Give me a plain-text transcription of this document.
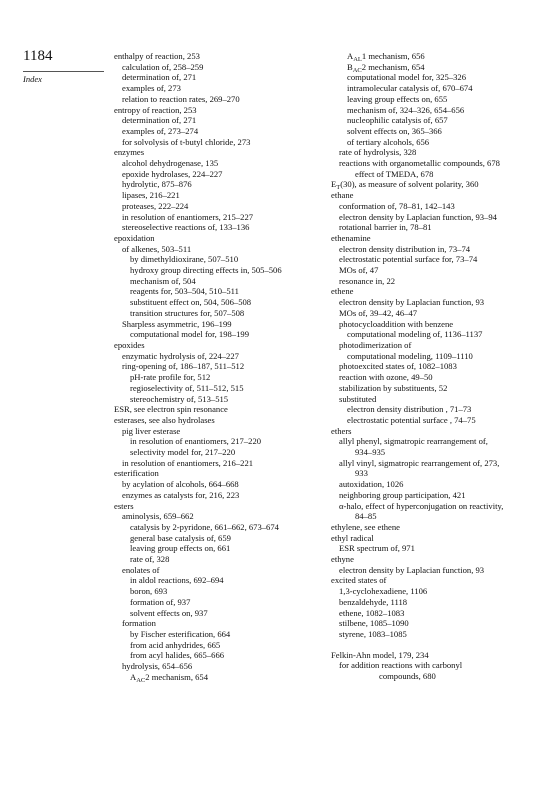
1184
Index
enthalpy of reaction, 253
calculation of, 258–259
determination of, 271
examples of, 273
relation to reaction rates, 269–270
entropy of reaction, 253
determination of, 271
examples of, 273–274
for solvolysis of t-butyl chloride, 273
enzymes
alcohol dehydrogenase, 135
epoxide hydrolases, 224–227
hydrolytic, 875–876
lipases, 216–221
proteases, 222–224
in resolution of enantiomers, 215–227
stereoselective reactions of, 133–136
epoxidation
of alkenes, 503–511
by dimethyldioxirane, 507–510
hydroxy group directing effects in, 505–506
mechanism of, 504
reagents for, 503–504, 510–511
substituent effect on, 504, 506–508
transition structures for, 507–508
Sharpless asymmetric, 196–199
computational model for, 198–199
epoxides
enzymatic hydrolysis of, 224–227
ring-opening of, 186–187, 511–512
pH-rate profile for, 512
regioselectivity of, 511–512, 515
stereochemistry of, 513–515
ESR, see electron spin resonance
esterases, see also hydrolases
pig liver esterase
in resolution of enantiomers, 217–220
selectivity model for, 217–220
in resolution of enantiomers, 216–221
esterification
by acylation of alcohols, 664–668
enzymes as catalysts for, 216, 223
esters
aminolysis, 659–662
catalysis by 2-pyridone, 661–662, 673–674
general base catalysis of, 659
leaving group effects on, 661
rate of, 328
enolates of
in aldol reactions, 692–694
boron, 693
formation of, 937
solvent effects on, 937
formation
by Fischer esterification, 664
from acid anhydrides, 665
from acyl halides, 665–666
hydrolysis, 654–656
$A_{AC}2$ mechanism, 654
$A_{AL}1$ mechanism, 656
$B_{AC}2$ mechanism, 654
computational model for, 325–326
intramolecular catalysis of, 670–674
leaving group effects on, 655
mechanism of, 324–326, 654–656
nucleophilic catalysis of, 657
solvent effects on, 365–366
of tertiary alcohols, 656
rate of hydrolysis, 328
reactions with organometallic compounds, 678
effect of TMEDA, 678
$E_T(30)$, as measure of solvent polarity, 360
ethane
conformation of, 78–81, 142–143
electron density by Laplacian function, 93–94
rotational barrier in, 78–81
ethenamine
electron density distribution in, 73–74
electrostatic potential surface for, 73–74
MOs of, 47
resonance in, 22
ethene
electron density by Laplacian function, 93
MOs of, 39–42, 46–47
photocycloaddition with benzene
computational modeling of, 1136–1137
photodimerization of
computational modeling, 1109–1110
photoexcited states of, 1082–1083
reaction with ozone, 49–50
stabilization by substituents, 52
substituted
electron density distribution , 71–73
electrostatic potential surface , 74–75
ethers
allyl phenyl, sigmatropic rearrangement of,
934–935
allyl vinyl, sigmatropic rearrangement of, 273,
933
autoxidation, 1026
neighboring group participation, 421
α-halo, effect of hyperconjugation on reactivity,
84–85
ethylene, see ethene
ethyl radical
ESR spectrum of, 971
ethyne
electron density by Laplacian function, 93
excited states of
1,3-cyclohexadiene, 1106
benzaldehyde, 1118
ethene, 1082–1083
stilbene, 1085–1090
styrene, 1083–1085
Felkin-Ahn model, 179, 234
for addition reactions with carbonyl
compounds, 680
